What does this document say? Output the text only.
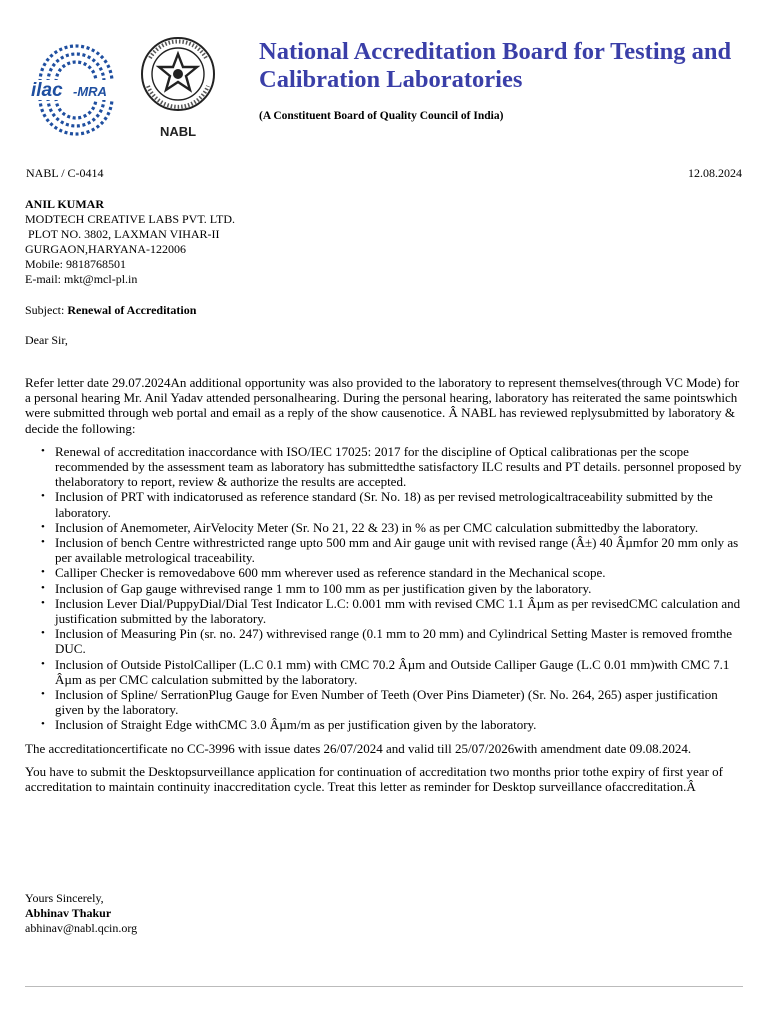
ilac -MRA
NABL
National Accreditation Board for Testing and Calibration Laboratories
(A Constituent Board of Quality Council of India)
NABL / C-0414	12.08.2024
ANIL KUMAR
MODTECH CREATIVE LABS PVT. LTD.
PLOT NO. 3802, LAXMAN VIHAR-II
GURGAON,HARYANA-122006
Mobile: 9818768501
E-mail: mkt@mcl-pl.in
Subject: Renewal of Accreditation
Dear Sir,

Refer letter date 29.07.2024An additional opportunity was also provided to the laboratory to represent themselves(through VC Mode) for a personal hearing Mr. Anil Yadav attended personalhearing. During the personal hearing, laboratory has reiterated the same pointswhich were submitted through web portal and email as a reply of the show causenotice. Â NABL has reviewed replysubmitted by laboratory & decide the following:

• Renewal of accreditation inaccordance with ISO/IEC 17025: 2017 for the discipline of Optical calibrationas per the scope recommended by the assessment team as laboratory has submittedthe satisfactory ILC results and PT details. personnel proposed by thelaboratory to report, review & authorize the results are accepted.
• Inclusion of PRT with indicatorused as reference standard (Sr. No. 18) as per revised metrologicaltraceability submitted by the laboratory.
• Inclusion of Anemometer, AirVelocity Meter (Sr. No 21, 22 & 23) in % as per CMC calculation submittedby the laboratory.
• Inclusion of bench Centre withrestricted range upto 500 mm and Air gauge unit with revised range (Â±) 40 Âµmfor 20 mm only as per available metrological traceability.
• Calliper Checker is removedabove 600 mm wherever used as reference standard in the Mechanical scope.
• Inclusion of Gap gauge withrevised range 1 mm to 100 mm as per justification given by the laboratory.
• Inclusion Lever Dial/PuppyDial/Dial Test Indicator L.C: 0.001 mm with revised CMC 1.1 Âµm as per revisedCMC calculation and justification submitted by the laboratory.
• Inclusion of Measuring Pin (sr. no. 247) withrevised range (0.1 mm to 20 mm) and Cylindrical Setting Master is removed fromthe DUC.
• Inclusion of Outside PistolCalliper (L.C 0.1 mm) with CMC 70.2 Âµm and Outside Calliper Gauge (L.C 0.01 mm)with CMC 7.1 Âµm as per CMC calculation submitted by the laboratory.
• Inclusion of Spline/ SerrationPlug Gauge for Even Number of Teeth (Over Pins Diameter) (Sr. No. 264, 265) asper justification given by the laboratory.
• Inclusion of Straight Edge withCMC 3.0 Âµm/m as per justification given by the laboratory.

The accreditationcertificate no CC-3996 with issue dates 26/07/2024 and valid till 25/07/2026with amendment date 09.08.2024.

You have to submit the Desktopsurveillance application for continuation of accreditation two months prior tothe expiry of first year of accreditation to maintain continuity inaccreditation cycle. Treat this letter as reminder for Desktop surveillance ofaccreditation.Â

Yours Sincerely,
Abhinav Thakur
abhinav@nabl.qcin.org
